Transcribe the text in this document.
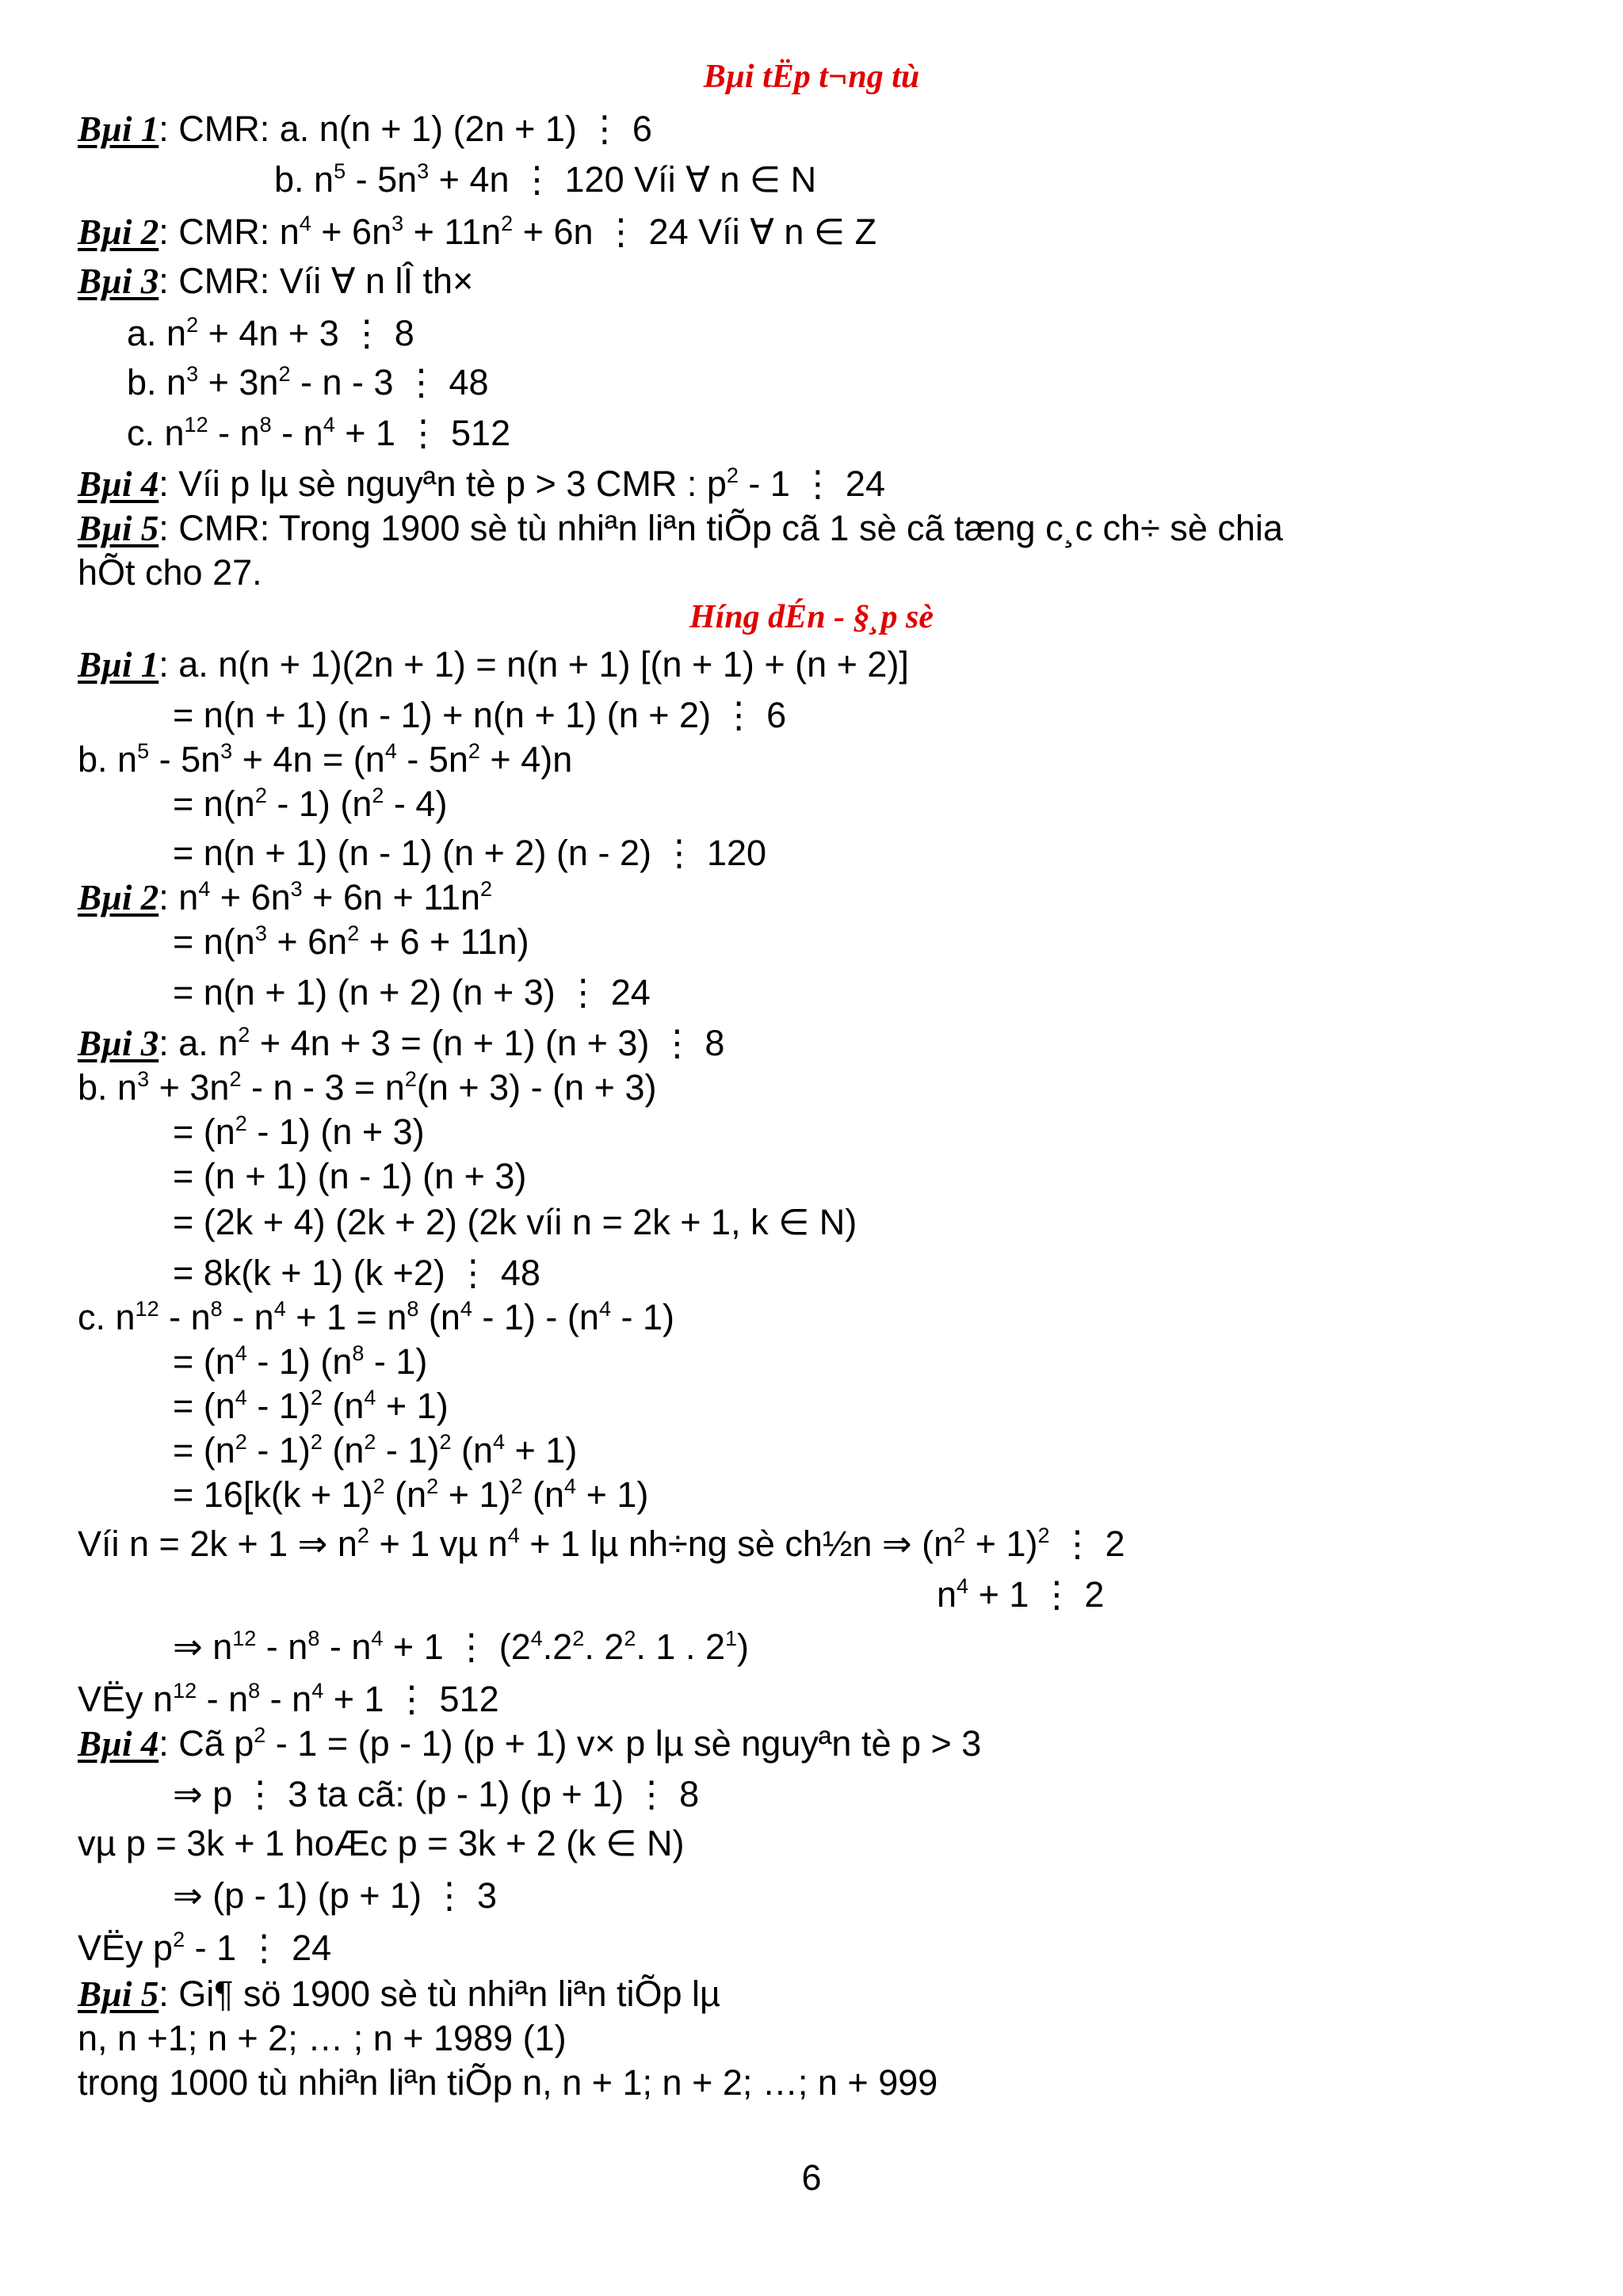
Bµi tËp t¬ng tù
Bµi 1: CMR: a. n(n + 1) (2n + 1) ⋮ 6
b. $n^5 - 5n^3 + 4n$ ⋮ 120 Víi ∀ n ∈ N
Bµi 2: CMR: $n^4 + 6n^3 + 11n^2 + 6n$ ⋮ 24 Víi ∀ n ∈ Z
Bµi 3: CMR: Víi ∀ n lÎ th×
a. $n^2 + 4n + 3$ ⋮ 8
b. $n^3 + 3n^2 - n - 3$ ⋮ 48
c. $n^{12} - n^8 - n^4 + 1$ ⋮ 512
Bµi 4: Víi p lµ sè nguyªn tè p > 3 CMR : $p^2 - 1$ ⋮ 24
Bµi 5: CMR: Trong 1900 sè tù nhiªn liªn tiÕp cã 1 sè cã tæng c¸c ch÷ sè chia
hÕt cho 27.
Híng dÉn - §¸p sè
Bµi 1: a. n(n + 1)(2n + 1) = n(n + 1) [(n + 1) + (n + 2)]
= n(n + 1) (n - 1) + n(n + 1) (n + 2) ⋮ 6
b. $n^5 - 5n^3 + 4n = (n^4 - 5n^2 + 4)n$
= $n(n^2 - 1)$ $(n^2 - 4)$
= n(n + 1) (n - 1) (n + 2) (n - 2) ⋮ 120
Bµi 2: $n^4 + 6n^3 + 6n + 11n^2$
= $n(n^3 + 6n^2 + 6 + 11n)$
= n(n + 1) (n + 2) (n + 3) ⋮ 24
Bµi 3: a. $n^2 + 4n + 3 = (n + 1) (n + 3)$ ⋮ 8
b. $n^3 + 3n^2 - n - 3 = n^2(n + 3) - (n + 3)$
= $(n^2 - 1) (n + 3)$
= (n + 1) (n - 1) (n + 3)
= (2k + 4) (2k + 2) (2k víi n = 2k + 1, k ∈ N)
= 8k(k + 1) (k +2) ⋮ 48
c. $n^{12} - n^8 - n^4 + 1 = n^8$ $(n^4 - 1) - (n^4 - 1)$
= $(n^4 - 1)$ $(n^8 - 1)$
= $(n^4 - 1)^2$ $(n^4 + 1)$
= $(n^2 - 1)^2$ $(n^2 - 1)^2$ $(n^4 + 1)$
= $16[k(k + 1)^2$ $(n^2 + 1)^2$ $(n^4 + 1)$
Víi n = 2k + 1 ⇒ $n^2 + 1$ vµ $n^4 + 1$ lµ nh÷ng sè ch½n ⇒ $(n^2 + 1)^2$ ⋮ 2
$n^4 + 1$ ⋮ 2
⇒ $n^{12} - n^8 - n^4 + 1$ ⋮ ($2^4.2^2$. $2^2$. 1 . $2^1$)
VËy $n^{12} - n^8 - n^4 + 1$ ⋮ 512
Bµi 4: Cã $p^2 - 1 = (p - 1) (p + 1)$ v× p lµ sè nguyªn tè p > 3
⇒ p ⋮ 3 ta cã: (p - 1) (p + 1) ⋮ 8
vµ p = 3k + 1 hoÆc p = 3k + 2 (k ∈ N)
⇒ (p - 1) (p + 1) ⋮ 3
VËy $p^2 - 1$ ⋮ 24
Bµi 5: Gi¶ sö 1900 sè tù nhiªn liªn tiÕp lµ
n, n +1; n + 2; … ; n + 1989 (1)
trong 1000 tù nhiªn liªn tiÕp n, n + 1; n + 2; …; n + 999
6
